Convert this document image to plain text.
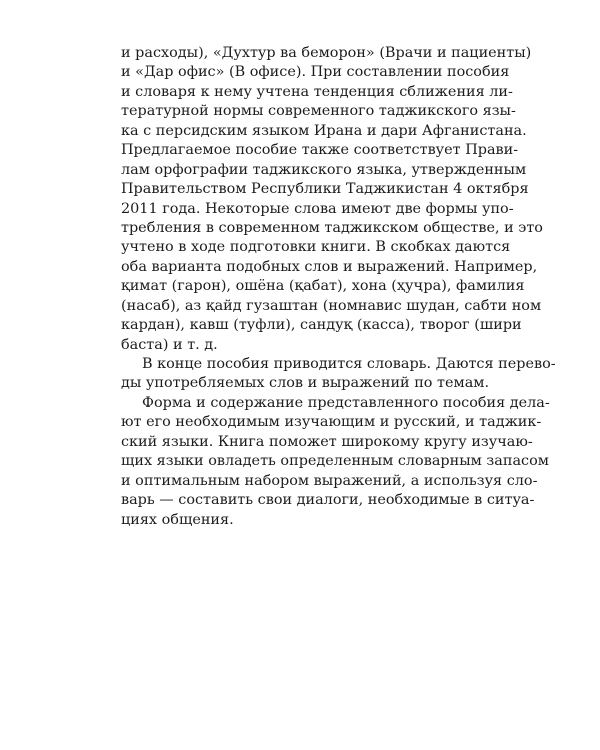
и расходы), «Духтур ва беморон» (Врачи и пациенты)
и «Дар офис» (В офисе). При составлении пособия
и словаря к нему учтена тенденция сближения ли-
тературной нормы современного таджикского язы-
ка с персидским языком Ирана и дари Афганистана.
Предлагаемое пособие также соответствует Прави-
лам орфографии таджикского языка, утвержденным
Правительством Республики Таджикистан 4 октября
2011 года. Некоторые слова имеют две формы упо-
требления в современном таджикском обществе, и это
учтено в ходе подготовки книги. В скобках даются
оба варианта подобных слов и выражений. Например,
қимат (гарон), ошёна (қабат), хона (ҳуҷра), фамилия
(насаб), аз қайд гузаштан (номнавис шудан, сабти ном
кардан), кавш (туфли), сандуқ (касса), творог (шири
баста) и т. д.
В конце пособия приводится словарь. Даются перево-
ды употребляемых слов и выражений по темам.
Форма и содержание представленного пособия дела-
ют его необходимым изучающим и русский, и таджик-
ский языки. Книга поможет широкому кругу изучаю-
щих языки овладеть определенным словарным запасом
и оптимальным набором выражений, а используя сло-
варь — составить свои диалоги, необходимые в ситуа-
циях общения.
